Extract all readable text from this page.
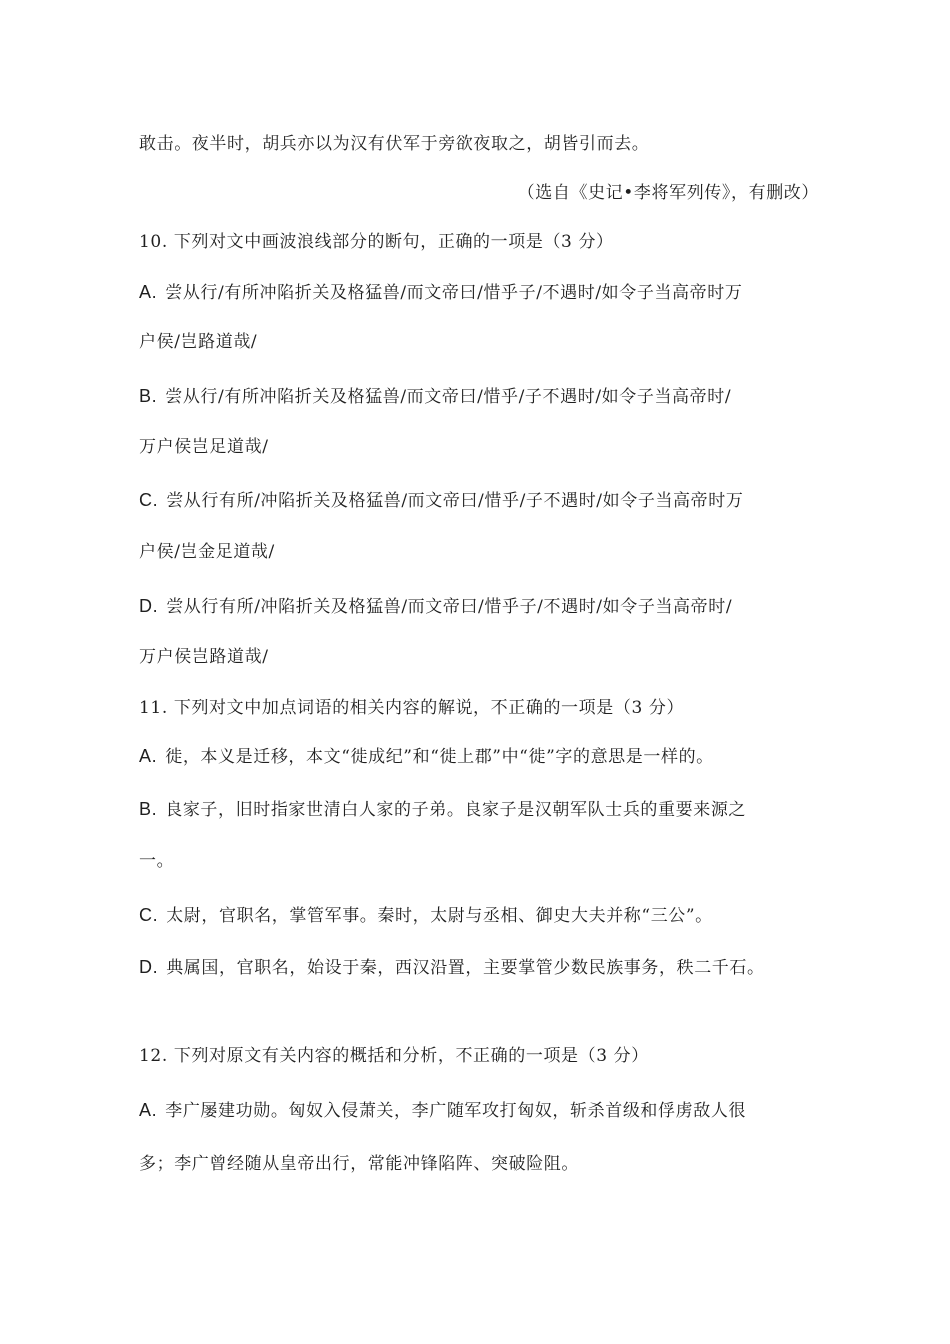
敢击。夜半时，胡兵亦以为汉有伏军于旁欲夜取之，胡皆引而去。
（选自《史记•李将军列传》，有删改）
10. 下列对文中画波浪线部分的断句，正确的一项是（3 分）
A. 尝从行/有所冲陷折关及格猛兽/而文帝曰/惜乎子/不遇时/如令子当高帝时万
户侯/岂路道哉/
B. 尝从行/有所冲陷折关及格猛兽/而文帝曰/惜乎/子不遇时/如令子当高帝时/
万户侯岂足道哉/
C. 尝从行有所/冲陷折关及格猛兽/而文帝曰/惜乎/子不遇时/如令子当高帝时万
户侯/岂金足道哉/
D. 尝从行有所/冲陷折关及格猛兽/而文帝曰/惜乎子/不遇时/如令子当高帝时/
万户侯岂路道哉/
11. 下列对文中加点词语的相关内容的解说，不正确的一项是（3 分）
A. 徙，本义是迁移，本文“徙成纪”和“徙上郡”中“徙”字的意思是一样的。
B. 良家子，旧时指家世清白人家的子弟。良家子是汉朝军队士兵的重要来源之
一。
C. 太尉，官职名，掌管军事。秦时，太尉与丞相、御史大夫并称“三公”。
D. 典属国，官职名，始设于秦，西汉沿置，主要掌管少数民族事务，秩二千石。
12. 下列对原文有关内容的概括和分析，不正确的一项是（3 分）
A. 李广屡建功勋。匈奴入侵萧关，李广随军攻打匈奴，斩杀首级和俘虏敌人很
多；李广曾经随从皇帝出行，常能冲锋陷阵、突破险阻。
